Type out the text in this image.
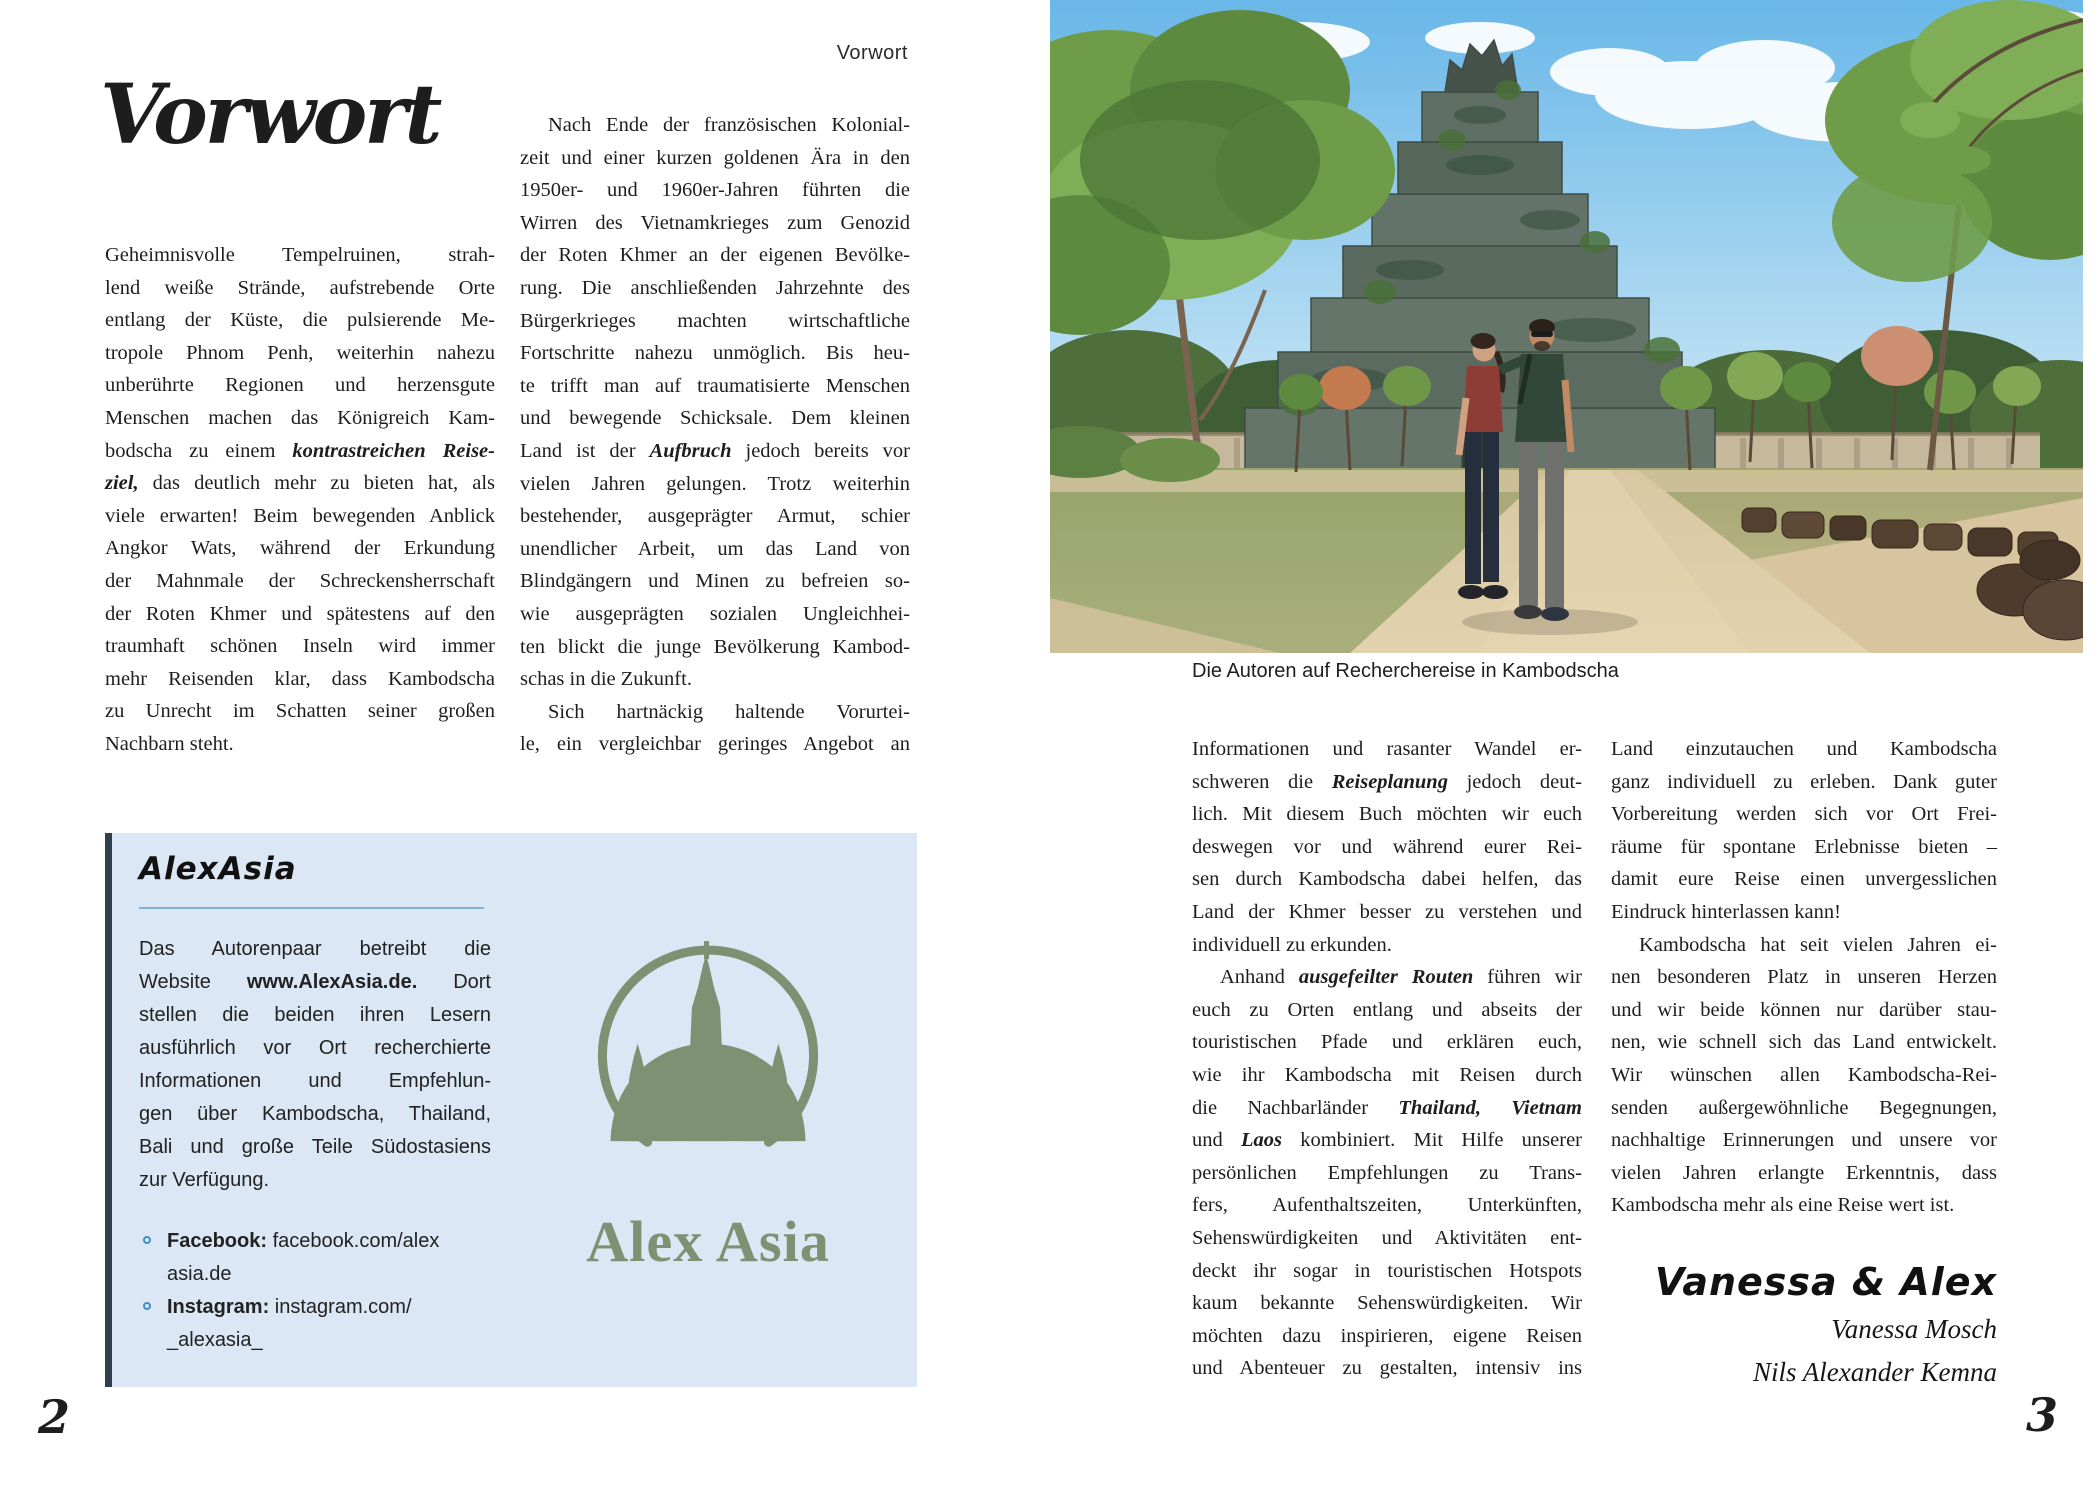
Vorwort
Vorwort
Geheimnisvolle Tempelruinen, strah-
lend weiße Strände, aufstrebende Orte
entlang der Küste, die pulsierende Me-
tropole Phnom Penh, weiterhin nahezu
unberührte Regionen und herzensgute
Menschen machen das Königreich Kam-
bodscha zu einem kontrastreichen Reise-
ziel, das deutlich mehr zu bieten hat, als
viele erwarten! Beim bewegenden Anblick
Angkor Wats, während der Erkundung
der Mahnmale der Schreckensherrschaft
der Roten Khmer und spätestens auf den
traumhaft schönen Inseln wird immer
mehr Reisenden klar, dass Kambodscha
zu Unrecht im Schatten seiner großen
Nachbarn steht.
Nach Ende der französischen Kolonial-
zeit und einer kurzen goldenen Ära in den
1950er- und 1960er-Jahren führten die
Wirren des Vietnamkrieges zum Genozid
der Roten Khmer an der eigenen Bevölke-
rung. Die anschließenden Jahrzehnte des
Bürgerkrieges machten wirtschaftliche
Fortschritte nahezu unmöglich. Bis heu-
te trifft man auf traumatisierte Menschen
und bewegende Schicksale. Dem kleinen
Land ist der Aufbruch jedoch bereits vor
vielen Jahren gelungen. Trotz weiterhin
bestehender, ausgeprägter Armut, schier
unendlicher Arbeit, um das Land von
Blindgängern und Minen zu befreien so-
wie ausgeprägten sozialen Ungleichhei-
ten blickt die junge Bevölkerung Kambod-
schas in die Zukunft.
Sich hartnäckig haltende Vorurtei-
le, ein vergleichbar geringes Angebot an
AlexAsia
Das Autorenpaar betreibt die
Website www.AlexAsia.de. Dort
stellen die beiden ihren Lesern
ausführlich vor Ort recherchierte
Informationen und Empfehlun-
gen über Kambodscha, Thailand,
Bali und große Teile Südostasiens
zur Verfügung.
Facebook: facebook.com/alex
asia.de
Instagram: instagram.com/
_alexasia_
Alex Asia
Die Autoren auf Recherchereise in Kambodscha
Informationen und rasanter Wandel er-
schweren die Reiseplanung jedoch deut-
lich. Mit diesem Buch möchten wir euch
deswegen vor und während eurer Rei-
sen durch Kambodscha dabei helfen, das
Land der Khmer besser zu verstehen und
individuell zu erkunden.
Anhand ausgefeilter Routen führen wir
euch zu Orten entlang und abseits der
touristischen Pfade und erklären euch,
wie ihr Kambodscha mit Reisen durch
die Nachbarländer Thailand, Vietnam
und Laos kombiniert. Mit Hilfe unserer
persönlichen Empfehlungen zu Trans-
fers, Aufenthaltszeiten, Unterkünften,
Sehenswürdigkeiten und Aktivitäten ent-
deckt ihr sogar in touristischen Hotspots
kaum bekannte Sehenswürdigkeiten. Wir
möchten dazu inspirieren, eigene Reisen
und Abenteuer zu gestalten, intensiv ins
Land einzutauchen und Kambodscha
ganz individuell zu erleben. Dank guter
Vorbereitung werden sich vor Ort Frei-
räume für spontane Erlebnisse bieten –
damit eure Reise einen unvergesslichen
Eindruck hinterlassen kann!
Kambodscha hat seit vielen Jahren ei-
nen besonderen Platz in unseren Herzen
und wir beide können nur darüber stau-
nen, wie schnell sich das Land entwickelt.
Wir wünschen allen Kambodscha-Rei-
senden außergewöhnliche Begegnungen,
nachhaltige Erinnerungen und unsere vor
vielen Jahren erlangte Erkenntnis, dass
Kambodscha mehr als eine Reise wert ist.
Vanessa & Alex
Vanessa Mosch
Nils Alexander Kemna
2	3
